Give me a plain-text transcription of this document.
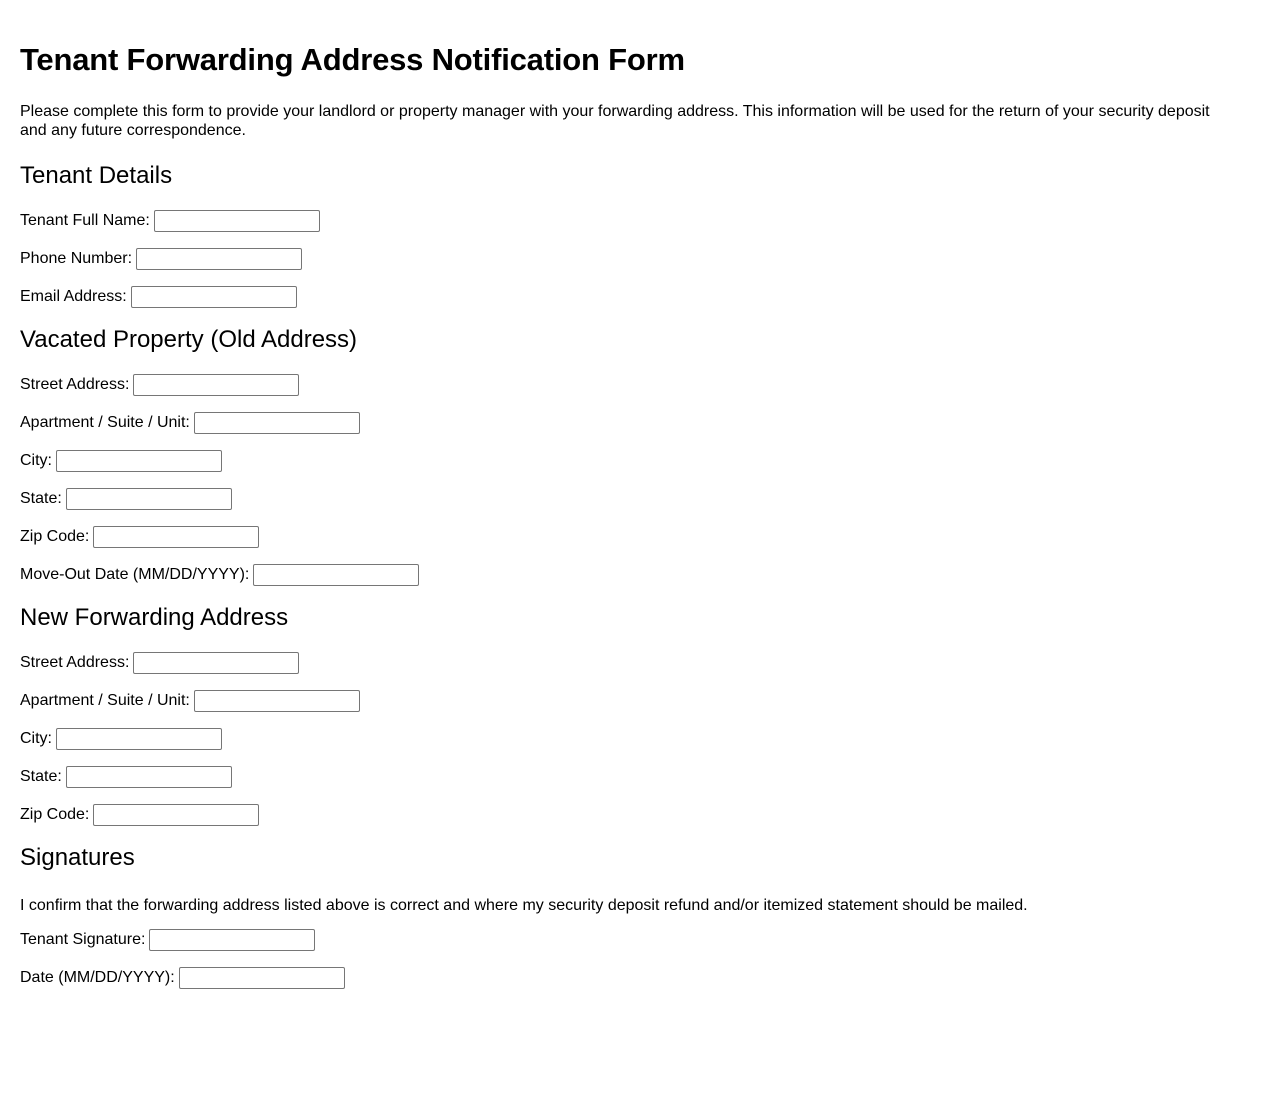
Tenant Forwarding Address Notification Form

Please complete this form to provide your landlord or property manager with your forwarding address. This information will be used for the return of your security deposit and any future correspondence.

Tenant Details
Tenant Full Name:
Phone Number:
Email Address:
Vacated Property (Old Address)
Street Address:
Apartment / Suite / Unit:
City:
State:
Zip Code:
Move-Out Date (MM/DD/YYYY):
New Forwarding Address
Street Address:
Apartment / Suite / Unit:
City:
State:
Zip Code:
Signatures

I confirm that the forwarding address listed above is correct and where my security deposit refund and/or itemized statement should be mailed.

Tenant Signature:
Date (MM/DD/YYYY):
